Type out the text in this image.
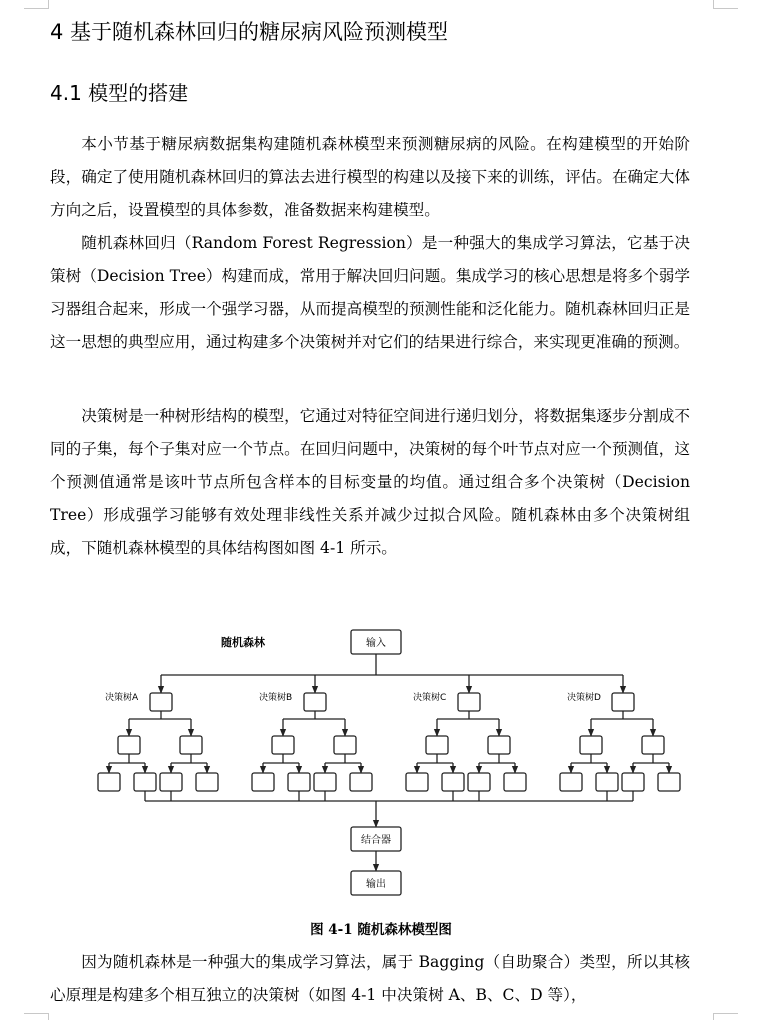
4 基于随机森林回归的糖尿病风险预测模型
4.1 模型的搭建

本小节基于糖尿病数据集构建随机森林模型来预测糖尿病的风险。在构建模型的开始阶段，确定了使用随机森林回归的算法去进行模型的构建以及接下来的训练，评估。在确定大体方向之后，设置模型的具体参数，准备数据来构建模型。

随机森林回归（Random Forest Regression）是一种强大的集成学习算法，它基于决策树（Decision Tree）构建而成，常用于解决回归问题。集成学习的核心思想是将多个弱学习器组合起来，形成一个强学习器，从而提高模型的预测性能和泛化能力。随机森林回归正是这一思想的典型应用，通过构建多个决策树并对它们的结果进行综合，来实现更准确的预测。

决策树是一种树形结构的模型，它通过对特征空间进行递归划分，将数据集逐步分割成不同的子集，每个子集对应一个节点。在回归问题中，决策树的每个叶节点对应一个预测值，这个预测值通常是该叶节点所包含样本的目标变量的均值。通过组合多个决策树（Decision Tree）形成强学习能够有效处理非线性关系并减少过拟合风险。随机森林由多个决策树组成，下随机森林模型的具体结构图如图 4-1 所示。

随机森林	输入
决策树A	决策树B	决策树C	决策树D
结合器
输出

图 4-1 随机森林模型图

因为随机森林是一种强大的集成学习算法，属于 Bagging（自助聚合）类型，所以其核心原理是构建多个相互独立的决策树（如图 4-1 中决策树 A、B、C、D 等），
